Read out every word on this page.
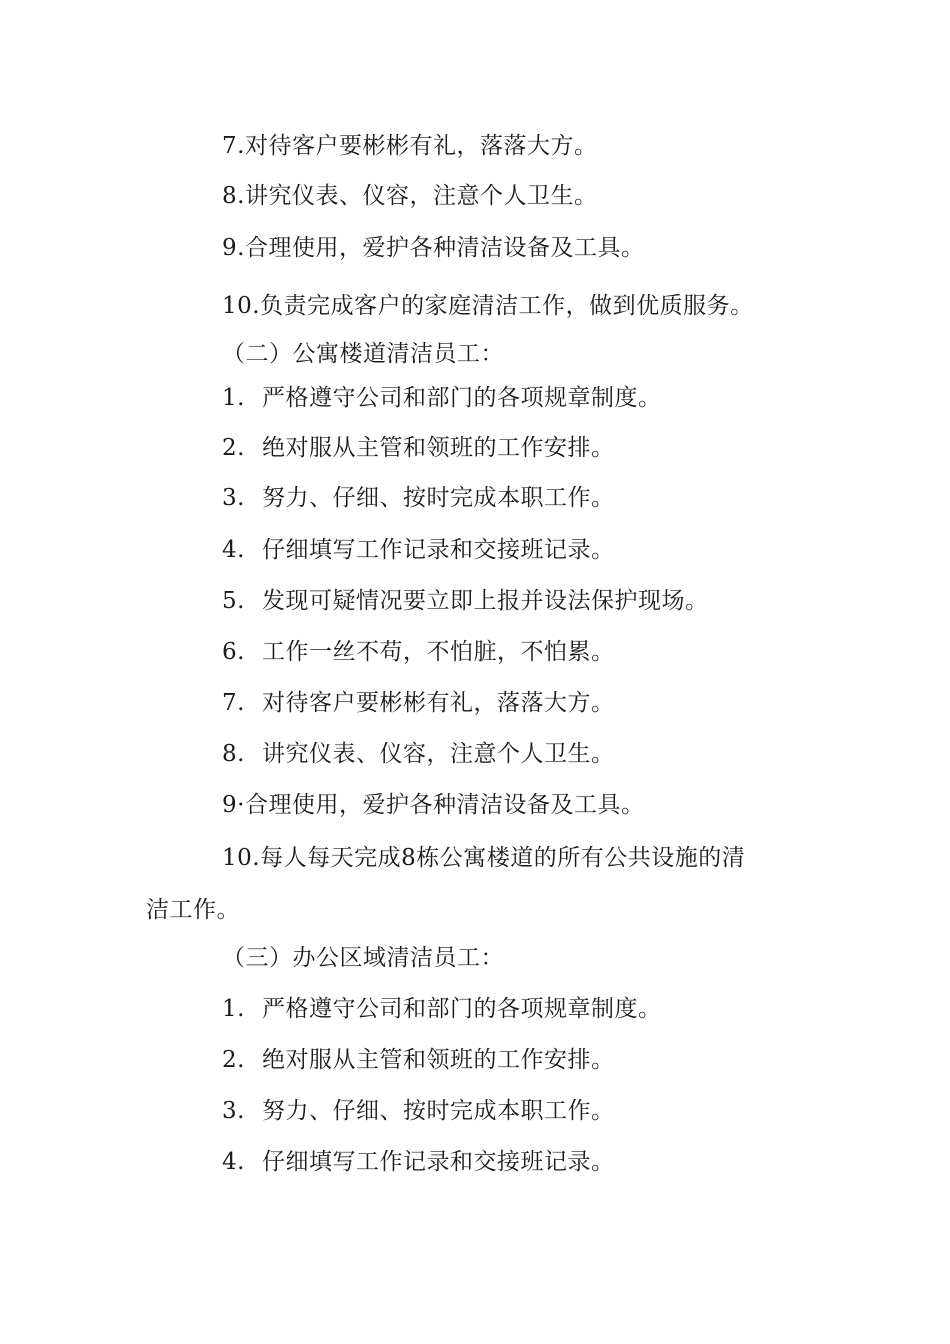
7.对待客户要彬彬有礼，落落大方。
8.讲究仪表、仪容，注意个人卫生。
9.合理使用，爱护各种清洁设备及工具。
10.负责完成客户的家庭清洁工作，做到优质服务。
（二）公寓楼道清洁员工：
1. 严格遵守公司和部门的各项规章制度。
2. 绝对服从主管和领班的工作安排。
3. 努力、仔细、按时完成本职工作。
4. 仔细填写工作记录和交接班记录。
5. 发现可疑情况要立即上报并设法保护现场。
6. 工作一丝不苟，不怕脏，不怕累。
7. 对待客户要彬彬有礼，落落大方。
8. 讲究仪表、仪容，注意个人卫生。
9·合理使用，爱护各种清洁设备及工具。
10.每人每天完成8栋公寓楼道的所有公共设施的清
洁工作。
（三）办公区域清洁员工：
1. 严格遵守公司和部门的各项规章制度。
2. 绝对服从主管和领班的工作安排。
3. 努力、仔细、按时完成本职工作。
4. 仔细填写工作记录和交接班记录。
